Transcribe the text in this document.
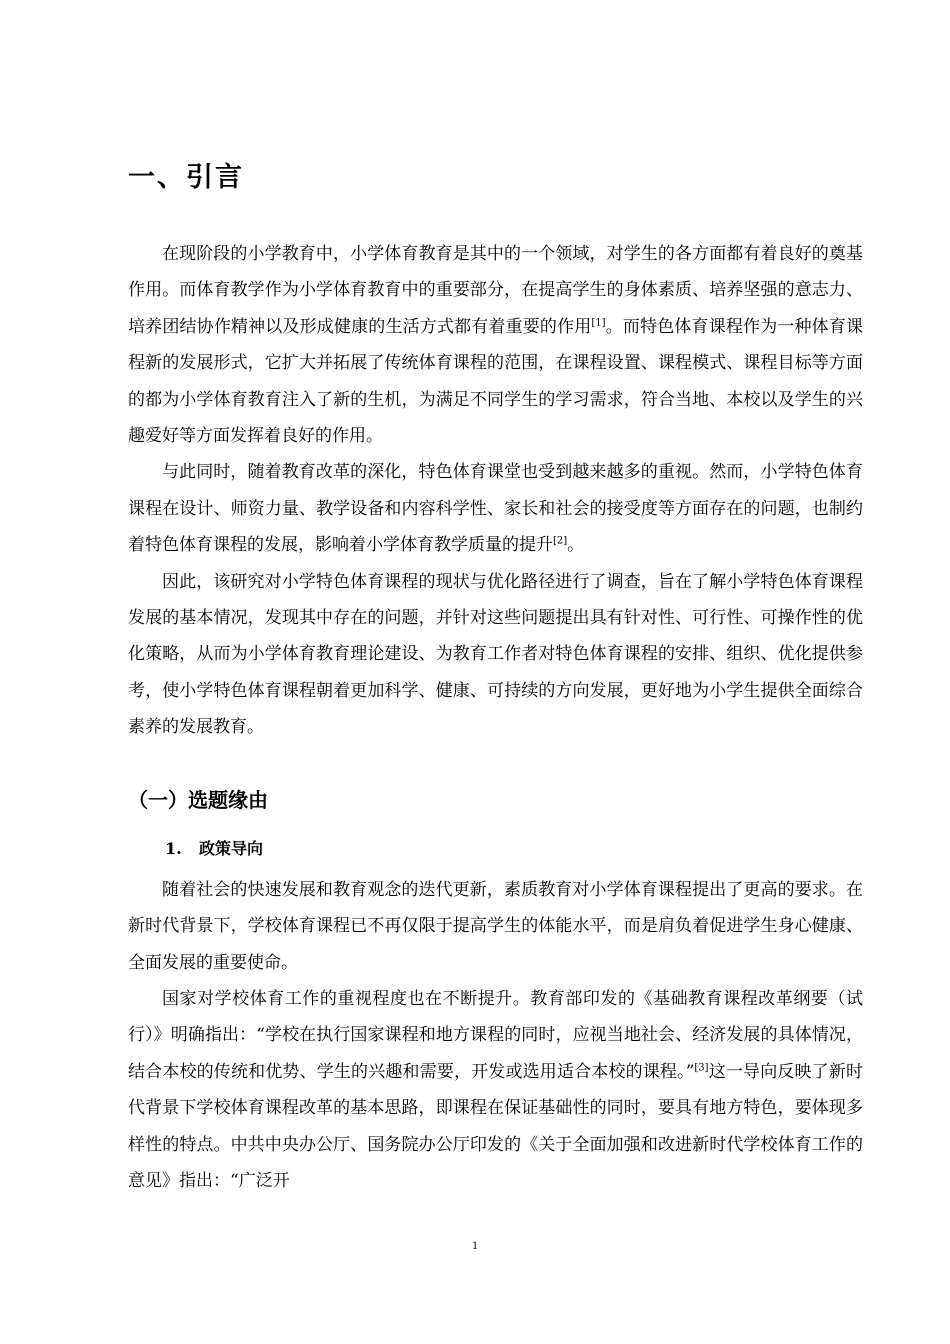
一、引言

在现阶段的小学教育中，小学体育教育是其中的一个领域，对学生的各方面都有着良好的奠基作用。而体育教学作为小学体育教育中的重要部分，在提高学生的身体素质、培养坚强的意志力、培养团结协作精神以及形成健康的生活方式都有着重要的作用[1]。而特色体育课程作为一种体育课程新的发展形式，它扩大并拓展了传统体育课程的范围，在课程设置、课程模式、课程目标等方面的都为小学体育教育注入了新的生机，为满足不同学生的学习需求，符合当地、本校以及学生的兴趣爱好等方面发挥着良好的作用。

与此同时，随着教育改革的深化，特色体育课堂也受到越来越多的重视。然而，小学特色体育课程在设计、师资力量、教学设备和内容科学性、家长和社会的接受度等方面存在的问题，也制约着特色体育课程的发展，影响着小学体育教学质量的提升[2]。

因此，该研究对小学特色体育课程的现状与优化路径进行了调查，旨在了解小学特色体育课程发展的基本情况，发现其中存在的问题，并针对这些问题提出具有针对性、可行性、可操作性的优化策略，从而为小学体育教育理论建设、为教育工作者对特色体育课程的安排、组织、优化提供参考，使小学特色体育课程朝着更加科学、健康、可持续的方向发展，更好地为小学生提供全面综合素养的发展教育。

（一）选题缘由
1. 政策导向

随着社会的快速发展和教育观念的迭代更新，素质教育对小学体育课程提出了更高的要求。在新时代背景下，学校体育课程已不再仅限于提高学生的体能水平，而是肩负着促进学生身心健康、全面发展的重要使命。

国家对学校体育工作的重视程度也在不断提升。教育部印发的《基础教育课程改革纲要（试行）》明确指出：“学校在执行国家课程和地方课程的同时，应视当地社会、经济发展的具体情况，结合本校的传统和优势、学生的兴趣和需要，开发或选用适合本校的课程。”[3]这一导向反映了新时代背景下学校体育课程改革的基本思路，即课程在保证基础性的同时，要具有地方特色，要体现多样性的特点。中共中央办公厅、国务院办公厅印发的《关于全面加强和改进新时代学校体育工作的意见》指出：“广泛开

1
